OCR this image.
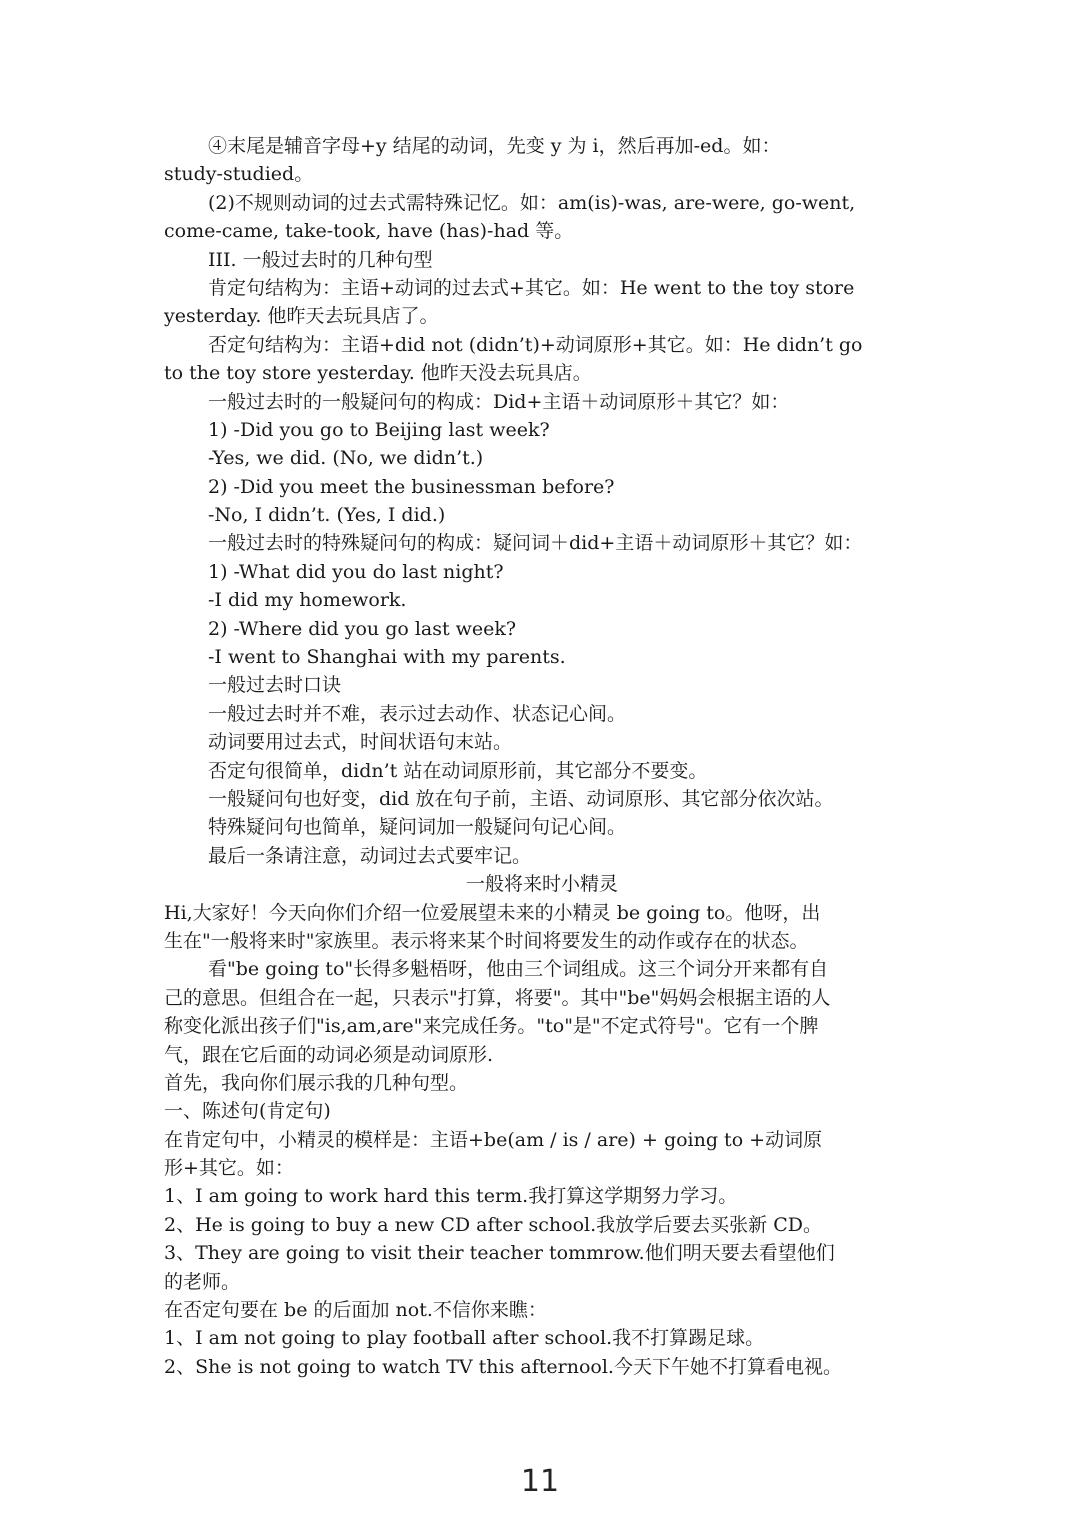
④末尾是辅音字母+y 结尾的动词，先变 y 为 i，然后再加-ed。如：
study-studied。
(2)不规则动词的过去式需特殊记忆。如：am(is)-was, are-were, go-went,
come-came, take-took, have (has)-had 等。
III. 一般过去时的几种句型
肯定句结构为：主语+动词的过去式+其它。如：He went to the toy store
yesterday. 他昨天去玩具店了。
否定句结构为：主语+did not (didn’t)+动词原形+其它。如：He didn’t go
to the toy store yesterday. 他昨天没去玩具店。
一般过去时的一般疑问句的构成：Did+主语＋动词原形＋其它？如：
1) -Did you go to Beijing last week?
-Yes, we did. (No, we didn’t.)
2) -Did you meet the businessman before?
-No, I didn’t. (Yes, I did.)
一般过去时的特殊疑问句的构成：疑问词＋did+主语＋动词原形＋其它？如：
1) -What did you do last night?
-I did my homework.
2) -Where did you go last week?
-I went to Shanghai with my parents.
一般过去时口诀
一般过去时并不难，表示过去动作、状态记心间。
动词要用过去式，时间状语句末站。
否定句很简单，didn’t 站在动词原形前，其它部分不要变。
一般疑问句也好变，did 放在句子前，主语、动词原形、其它部分依次站。
特殊疑问句也简单，疑问词加一般疑问句记心间。
最后一条请注意，动词过去式要牢记。
一般将来时小精灵
Hi,大家好！今天向你们介绍一位爱展望未来的小精灵 be going to。他呀，出
生在"一般将来时"家族里。表示将来某个时间将要发生的动作或存在的状态。
看"be going to"长得多魁梧呀，他由三个词组成。这三个词分开来都有自
己的意思。但组合在一起，只表示"打算，将要"。其中"be"妈妈会根据主语的人
称变化派出孩子们"is,am,are"来完成任务。"to"是"不定式符号"。它有一个脾
气，跟在它后面的动词必须是动词原形.
首先，我向你们展示我的几种句型。
一、陈述句(肯定句)
在肯定句中，小精灵的模样是：主语+be(am / is / are) + going to +动词原
形+其它。如：
1、I am going to work hard this term.我打算这学期努力学习。
2、He is going to buy a new CD after school.我放学后要去买张新 CD。
3、They are going to visit their teacher tommrow.他们明天要去看望他们
的老师。
在否定句要在 be 的后面加 not.不信你来瞧：
1、I am not going to play football after school.我不打算踢足球。
2、She is not going to watch TV this afternool.今天下午她不打算看电视。
11
